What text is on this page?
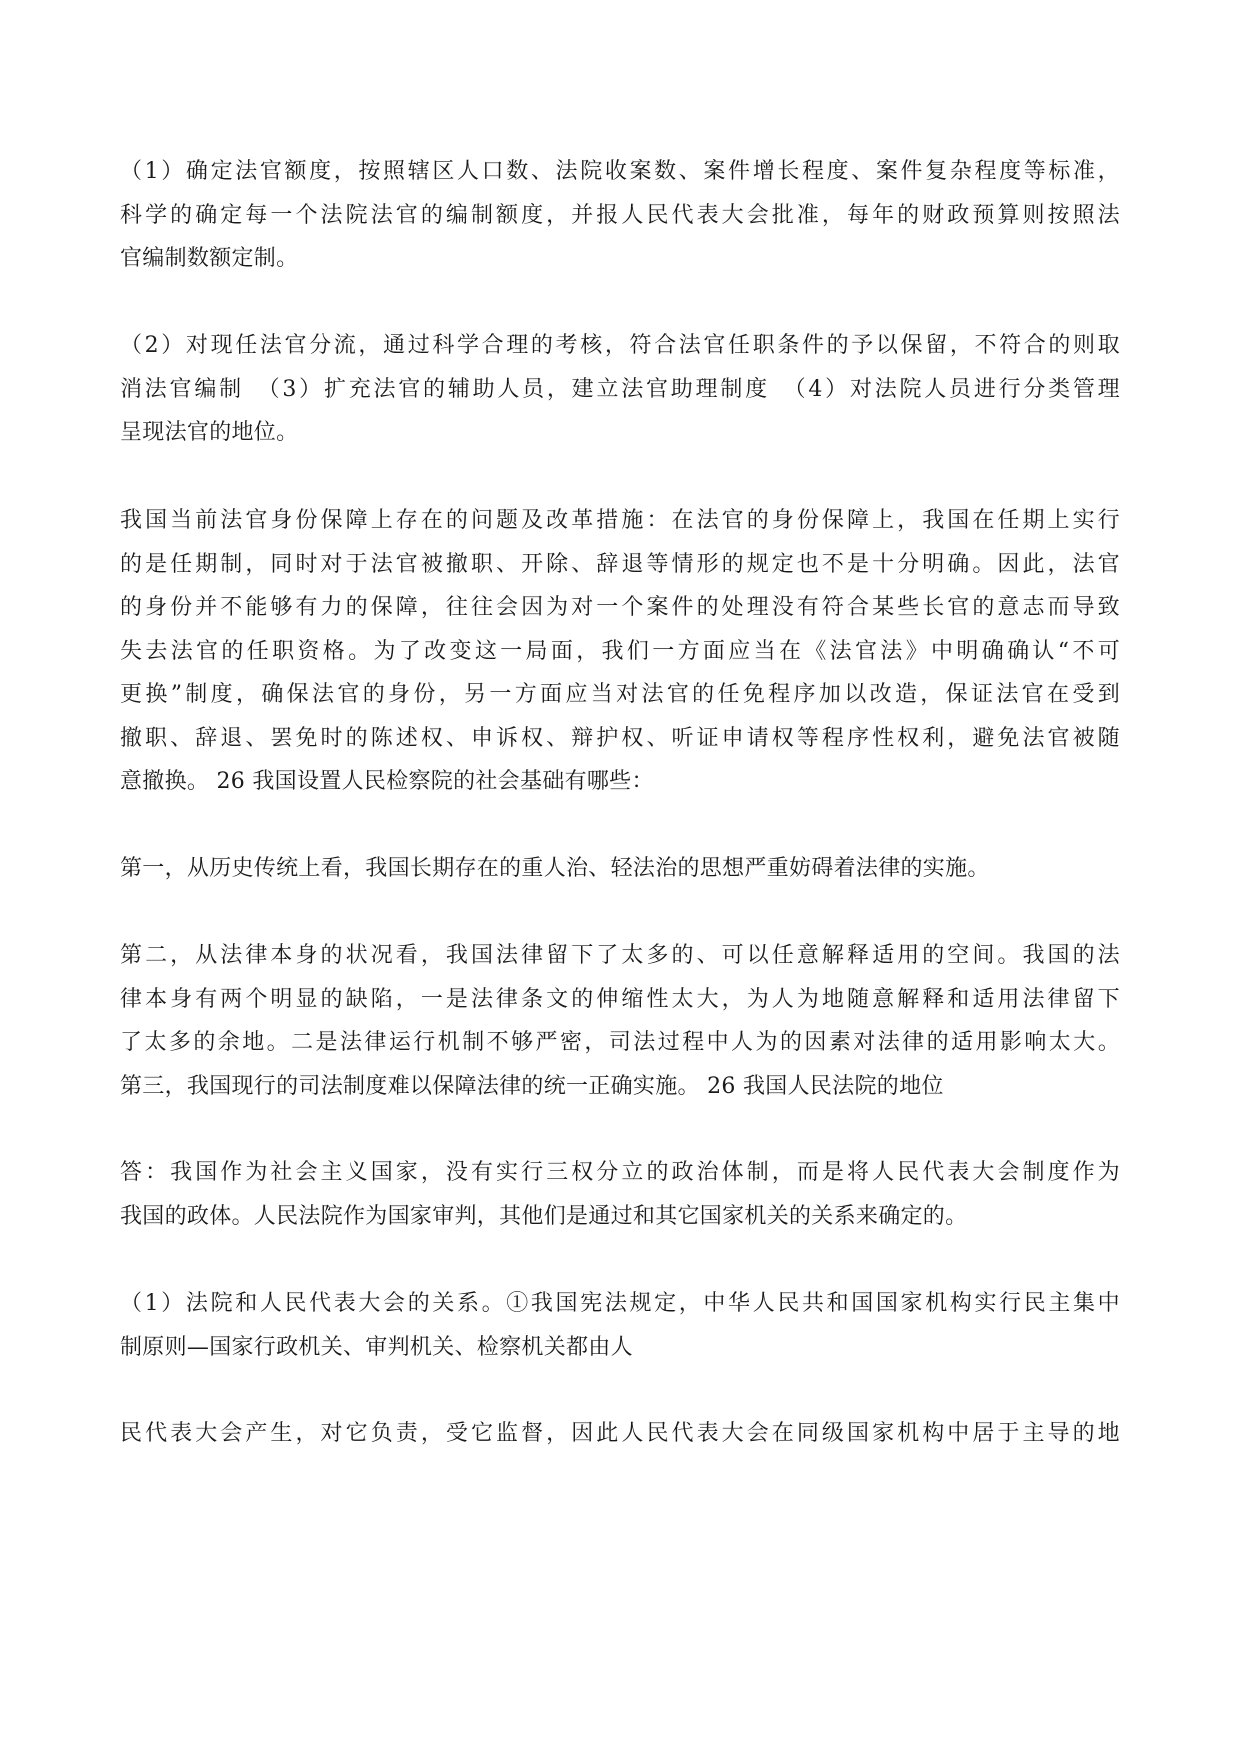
（1）确定法官额度，按照辖区人口数、法院收案数、案件增长程度、案件复杂程度等标准，
科学的确定每一个法院法官的编制额度，并报人民代表大会批准，每年的财政预算则按照法
官编制数额定制。
（2）对现任法官分流，通过科学合理的考核，符合法官任职条件的予以保留，不符合的则取
消法官编制　（3）扩充法官的辅助人员，建立法官助理制度　（4）对法院人员进行分类管理
呈现法官的地位。
我国当前法官身份保障上存在的问题及改革措施：在法官的身份保障上，我国在任期上实行
的是任期制，同时对于法官被撤职、开除、辞退等情形的规定也不是十分明确。因此，法官
的身份并不能够有力的保障，往往会因为对一个案件的处理没有符合某些长官的意志而导致
失去法官的任职资格。为了改变这一局面，我们一方面应当在《法官法》中明确确认“不可
更换”制度，确保法官的身份，另一方面应当对法官的任免程序加以改造，保证法官在受到
撤职、辞退、罢免时的陈述权、申诉权、辩护权、听证申请权等程序性权利，避免法官被随
意撤换。 26 我国设置人民检察院的社会基础有哪些：
第一，从历史传统上看，我国长期存在的重人治、轻法治的思想严重妨碍着法律的实施。
第二，从法律本身的状况看，我国法律留下了太多的、可以任意解释适用的空间。我国的法
律本身有两个明显的缺陷，一是法律条文的伸缩性太大，为人为地随意解释和适用法律留下
了太多的余地。二是法律运行机制不够严密，司法过程中人为的因素对法律的适用影响太大。
第三，我国现行的司法制度难以保障法律的统一正确实施。 26 我国人民法院的地位
答：我国作为社会主义国家，没有实行三权分立的政治体制，而是将人民代表大会制度作为
我国的政体。人民法院作为国家审判，其他们是通过和其它国家机关的关系来确定的。
（1）法院和人民代表大会的关系。①我国宪法规定，中华人民共和国国家机构实行民主集中
制原则—国家行政机关、审判机关、检察机关都由人
民代表大会产生，对它负责，受它监督，因此人民代表大会在同级国家机构中居于主导的地
